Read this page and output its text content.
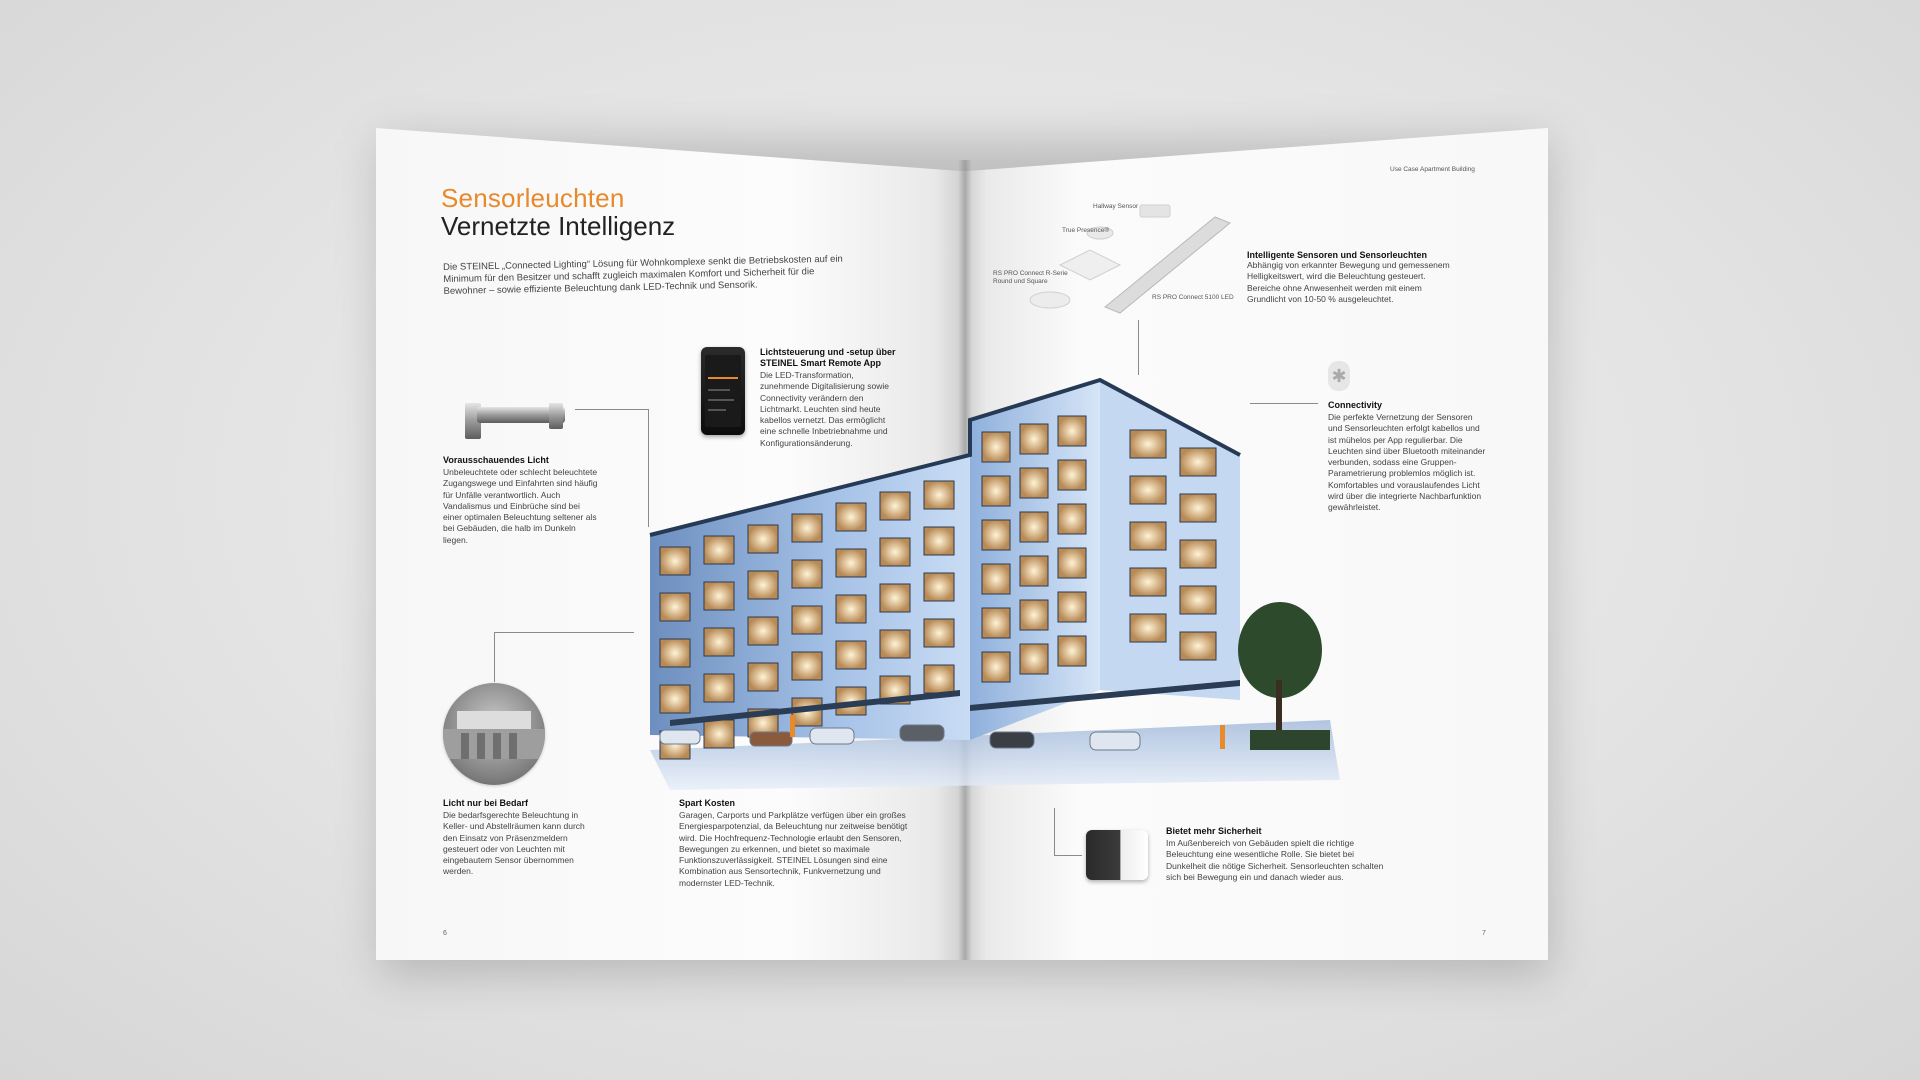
Sensorleuchten
Vernetzte Intelligenz
Die STEINEL „Connected Lighting“ Lösung für Wohnkomplexe senkt die Betriebskosten auf ein Minimum für den Besitzer und schafft zugleich maximalen Komfort und Sicherheit für die Bewohner – sowie effiziente Beleuchtung dank LED-Technik und Sensorik.
Lichtsteuerung und -setup über
STEINEL Smart Remote App
Die LED-Transformation, zunehmende Digitalisierung sowie Connectivity verändern den Lichtmarkt. Leuchten sind heute kabellos vernetzt. Das ermöglicht eine schnelle Inbetriebnahme und Konfigurationsänderung.
Vorausschauendes Licht
Unbeleuchtete oder schlecht beleuchtete Zugangswege und Einfahrten sind häufig für Unfälle verantwortlich. Auch Vandalismus und Einbrüche sind bei einer optimalen Beleuchtung seltener als bei Gebäuden, die halb im Dunkeln liegen.
Licht nur bei Bedarf
Die bedarfsgerechte Beleuchtung in Keller- und Abstellräumen kann durch den Einsatz von Präsenzmeldern gesteuert oder von Leuchten mit eingebautem Sensor übernommen werden.
Spart Kosten
Garagen, Carports und Parkplätze verfügen über ein großes Energiesparpotenzial, da Beleuchtung nur zeitweise benötigt wird. Die Hochfrequenz-Technologie erlaubt den Sensoren, Bewegungen zu erkennen, und bietet so maximale Funktionszuverlässigkeit. STEINEL Lösungen sind eine Kombination aus Sensortechnik, Funkvernetzung und modernster LED-Technik.
6
Use Case Apartment Building
Hallway Sensor
True Presence®
RS PRO Connect R-Serie Round und Square
RS PRO Connect 5100 LED
Intelligente Sensoren und Sensorleuchten
Abhängig von erkannter Bewegung und gemessenem Helligkeitswert, wird die Beleuchtung gesteuert. Bereiche ohne Anwesenheit werden mit einem Grundlicht von 10-50 % ausgeleuchtet.
✱
Connectivity
Die perfekte Vernetzung der Sensoren und Sensorleuchten erfolgt kabellos und ist mühelos per App regulierbar. Die Leuchten sind über Bluetooth miteinander verbunden, sodass eine Gruppen-Parametrierung problemlos möglich ist. Komfortables und vorauslaufendes Licht wird über die integrierte Nachbarfunktion gewährleistet.
Bietet mehr Sicherheit
Im Außenbereich von Gebäuden spielt die richtige Beleuchtung eine wesentliche Rolle. Sie bietet bei Dunkelheit die nötige Sicherheit. Sensorleuchten schalten sich bei Bewegung ein und danach wieder aus.
7
